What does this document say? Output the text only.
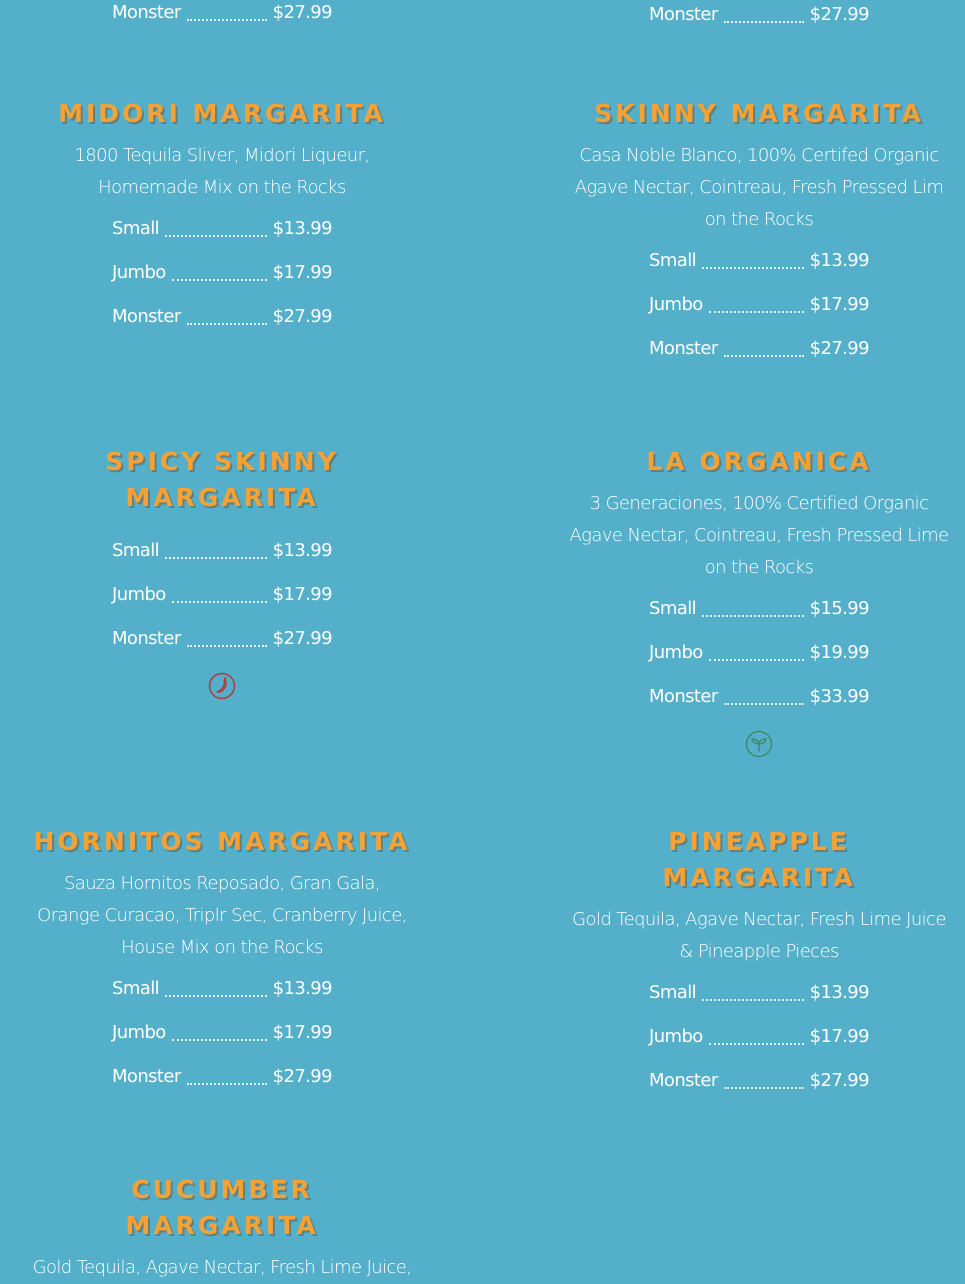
Monster	$27.99	Monster	$27.99
MIDORI MARGARITA

1800 Tequila Sliver, Midori Liqueur, Homemade Mix on the Rocks

Small	$13.99
Jumbo	$17.99
Monster	$27.99
SKINNY MARGARITA

Casa Noble Blanco, 100% Certifed Organic Agave Nectar, Cointreau, Fresh Pressed Lim on the Rocks

Small	$13.99
Jumbo	$17.99
Monster	$27.99
SPICY SKINNY MARGARITA
Small	$13.99
Jumbo	$17.99
Monster	$27.99
LA ORGANICA

3 Generaciones, 100% Certified Organic Agave Nectar, Cointreau, Fresh Pressed Lime on the Rocks

Small	$15.99
Jumbo	$19.99
Monster	$33.99
HORNITOS MARGARITA

Sauza Hornitos Reposado, Gran Gala, Orange Curacao, Triplr Sec, Cranberry Juice, House Mix on the Rocks

Small	$13.99
Jumbo	$17.99
Monster	$27.99
PINEAPPLE MARGARITA

Gold Tequila, Agave Nectar, Fresh Lime Juice & Pineapple Pieces

Small	$13.99
Jumbo	$17.99
Monster	$27.99
CUCUMBER MARGARITA

Gold Tequila, Agave Nectar, Fresh Lime Juice,
